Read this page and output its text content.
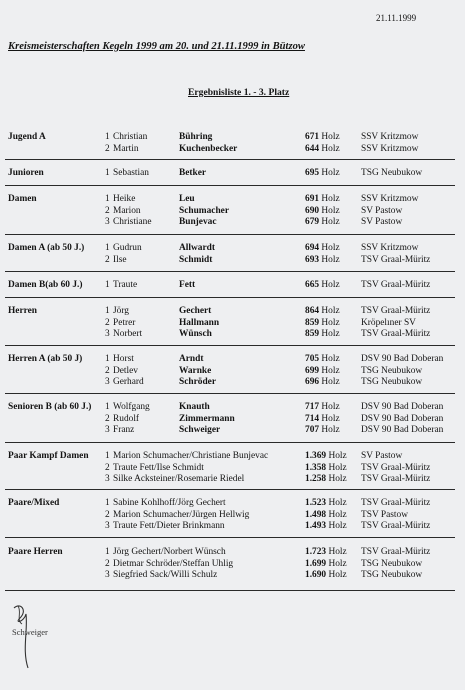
21.11.1999
Kreismeisterschaften Kegeln 1999 am 20. und 21.11.1999 in Bützow
Ergebnisliste 1. - 3. Platz
Jugend A	1 Christian	Bühring	671 Holz SSV Kritzmow
2 Martin	Kuchenbecker	644 Holz SSV Kritzmow
Junioren	1 Sebastian	Betker	695 Holz TSG Neubukow
Damen	1 Heike	Leu	691 Holz SSV Kritzmow
2 Marion	Schumacher	690 Holz SV Pastow
3 Christiane	Bunjevac	679 Holz SV Pastow
Damen A (ab 50 J.) 1 Gudrun	Allwardt	694 Holz SSV Kritzmow
2 Ilse	Schmidt	693 Holz TSV Graal-Müritz
Damen B(ab 60 J.) 1 Traute	Fett	665 Holz TSV Graal-Müritz
Herren	1 Jörg	Gechert	864 Holz TSV Graal-Müritz
2 Petrer	Hallmann	859 Holz Kröpelıner SV
3 Norbert	Wünsch	859 Holz TSV Graal-Müritz
Herren A (ab 50 J) 1 Horst	Arndt	705 Holz DSV 90 Bad Doberan
2 Detlev	Warnke	699 Holz TSG Neubukow
3 Gerhard	Schröder	696 Holz TSG Neubukow
Senioren B (ab 60 J.) 1 Wolfgang	Knauth	717 Holz DSV 90 Bad Doberan
2 Rudolf	Zimmermann	714 Holz DSV 90 Bad Doberan
3 Franz	Schweiger	707 Holz DSV 90 Bad Doberan
Paar Kampf Damen 1 Marion Schumacher/Christiane Bunjevac	1.369 Holz SV Pastow
2 Traute Fett/Ilse Schmidt	1.358 Holz TSV Graal-Müritz
3 Silke Acksteiner/Rosemarie Riedel	1.258 Holz TSV Graal-Müritz
Paare/Mixed	1 Sabine Kohlhoff/Jörg Gechert	1.523 Holz TSV Graal-Müritz
2 Marion Schumacher/Jürgen Hellwig	1.498 Holz TSV Pastow
3 Traute Fett/Dieter Brinkmann	1.493 Holz TSV Graal-Müritz
Paare Herren	1 Jörg Gechert/Norbert Wünsch	1.723 Holz TSV Graal-Müritz
2 Dietmar Schröder/Steffan Uhlig	1.699 Holz TSG Neubukow
3 Siegfried Sack/Willi Schulz	1.690 Holz TSG Neubukow
Schweiger
